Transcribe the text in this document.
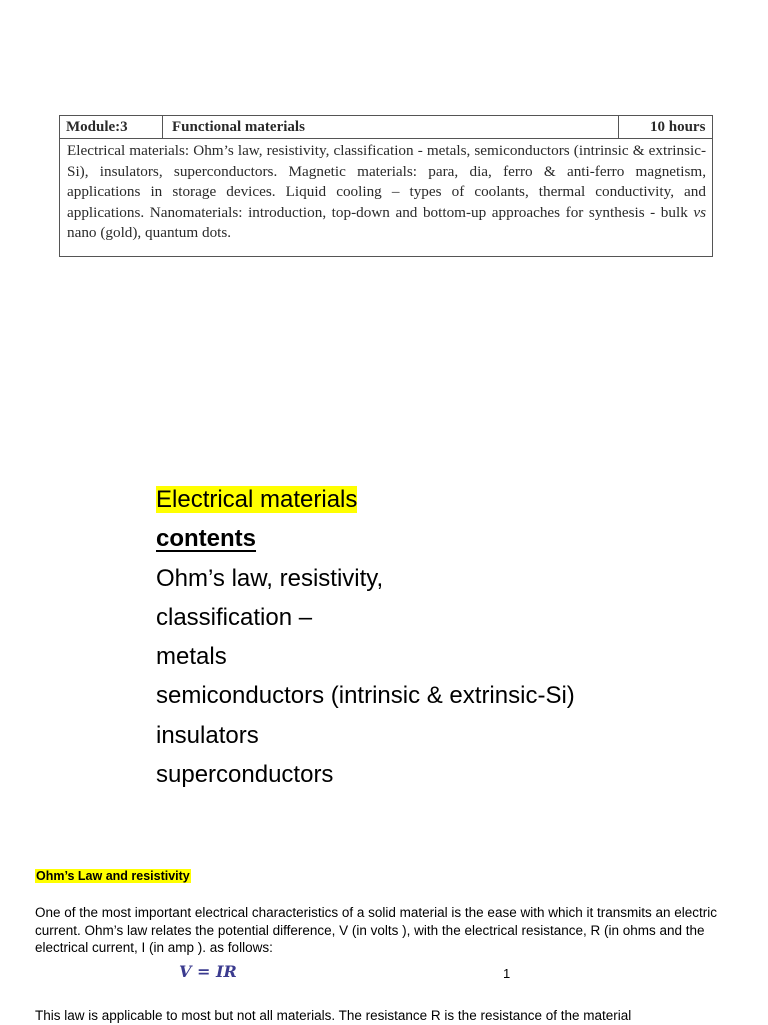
Module:3	Functional materials	10 hours
Electrical materials: Ohm’s law, resistivity, classification - metals, semiconductors (intrinsic & extrinsic-Si), insulators, superconductors. Magnetic materials: para, dia, ferro & anti-ferro magnetism, applications in storage devices. Liquid cooling – types of coolants, thermal conductivity, and applications. Nanomaterials: introduction, top-down and bottom-up approaches for synthesis - bulk vs nano (gold), quantum dots.
Electrical materials
contents
Ohm’s law, resistivity,
classification –
metals
semiconductors (intrinsic & extrinsic-Si)
insulators
superconductors
Ohm’s Law and resistivity
One of the most important electrical characteristics of a solid material is the ease with which it transmits an electric current. Ohm’s law relates the potential difference, V (in volts ), with the electrical resistance, R (in ohms and the electrical current, I (in amp ). as follows:
V = IR	1
This law is applicable to most but not all materials. The resistance R is the resistance of the material
